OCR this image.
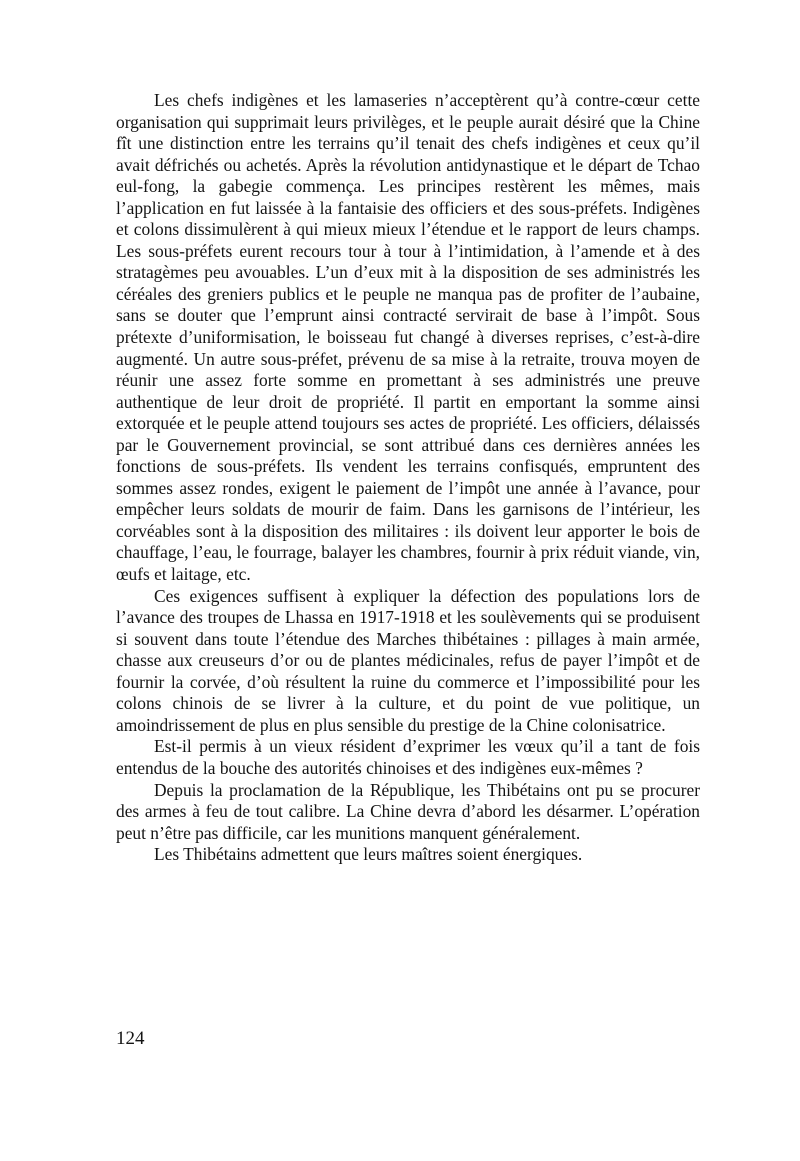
Les chefs indigènes et les lamaseries n’acceptèrent qu’à contre-cœur cette organisation qui supprimait leurs privilèges, et le peuple aurait désiré que la Chine fît une distinction entre les terrains qu’il tenait des chefs indigènes et ceux qu’il avait défrichés ou achetés. Après la révolution antidynastique et le départ de Tchao eul-fong, la gabegie commença. Les principes restèrent les mêmes, mais l’application en fut laissée à la fantaisie des officiers et des sous-préfets. Indigènes et colons dissimulèrent à qui mieux mieux l’étendue et le rapport de leurs champs. Les sous-préfets eurent recours tour à tour à l’intimidation, à l’amende et à des stratagèmes peu avouables. L’un d’eux mit à la disposition de ses administrés les céréales des greniers publics et le peuple ne manqua pas de profiter de l’aubaine, sans se douter que l’emprunt ainsi contracté servirait de base à l’impôt. Sous prétexte d’uniformisation, le boisseau fut changé à diverses reprises, c’est-à-dire augmenté. Un autre sous-préfet, prévenu de sa mise à la retraite, trouva moyen de réunir une assez forte somme en promettant à ses administrés une preuve authentique de leur droit de propriété. Il partit en emportant la somme ainsi extorquée et le peuple attend toujours ses actes de propriété. Les officiers, délaissés par le Gouvernement provincial, se sont attribué dans ces dernières années les fonctions de sous-préfets. Ils vendent les terrains confisqués, empruntent des sommes assez rondes, exigent le paiement de l’impôt une année à l’avance, pour empêcher leurs soldats de mourir de faim. Dans les garnisons de l’intérieur, les corvéables sont à la disposition des militaires : ils doivent leur apporter le bois de chauffage, l’eau, le fourrage, balayer les chambres, fournir à prix réduit viande, vin, œufs et laitage, etc.

Ces exigences suffisent à expliquer la défection des populations lors de l’avance des troupes de Lhassa en 1917-1918 et les soulèvements qui se produisent si souvent dans toute l’étendue des Marches thibétaines : pillages à main armée, chasse aux creuseurs d’or ou de plantes médicinales, refus de payer l’impôt et de fournir la corvée, d’où résultent la ruine du commerce et l’impossibilité pour les colons chinois de se livrer à la culture, et du point de vue politique, un amoindrissement de plus en plus sensible du prestige de la Chine colonisatrice.

Est-il permis à un vieux résident d’exprimer les vœux qu’il a tant de fois entendus de la bouche des autorités chinoises et des indigènes eux-mêmes ?

Depuis la proclamation de la République, les Thibétains ont pu se procurer des armes à feu de tout calibre. La Chine devra d’abord les désarmer. L’opération peut n’être pas difficile, car les munitions manquent généralement.

Les Thibétains admettent que leurs maîtres soient énergiques.

124
